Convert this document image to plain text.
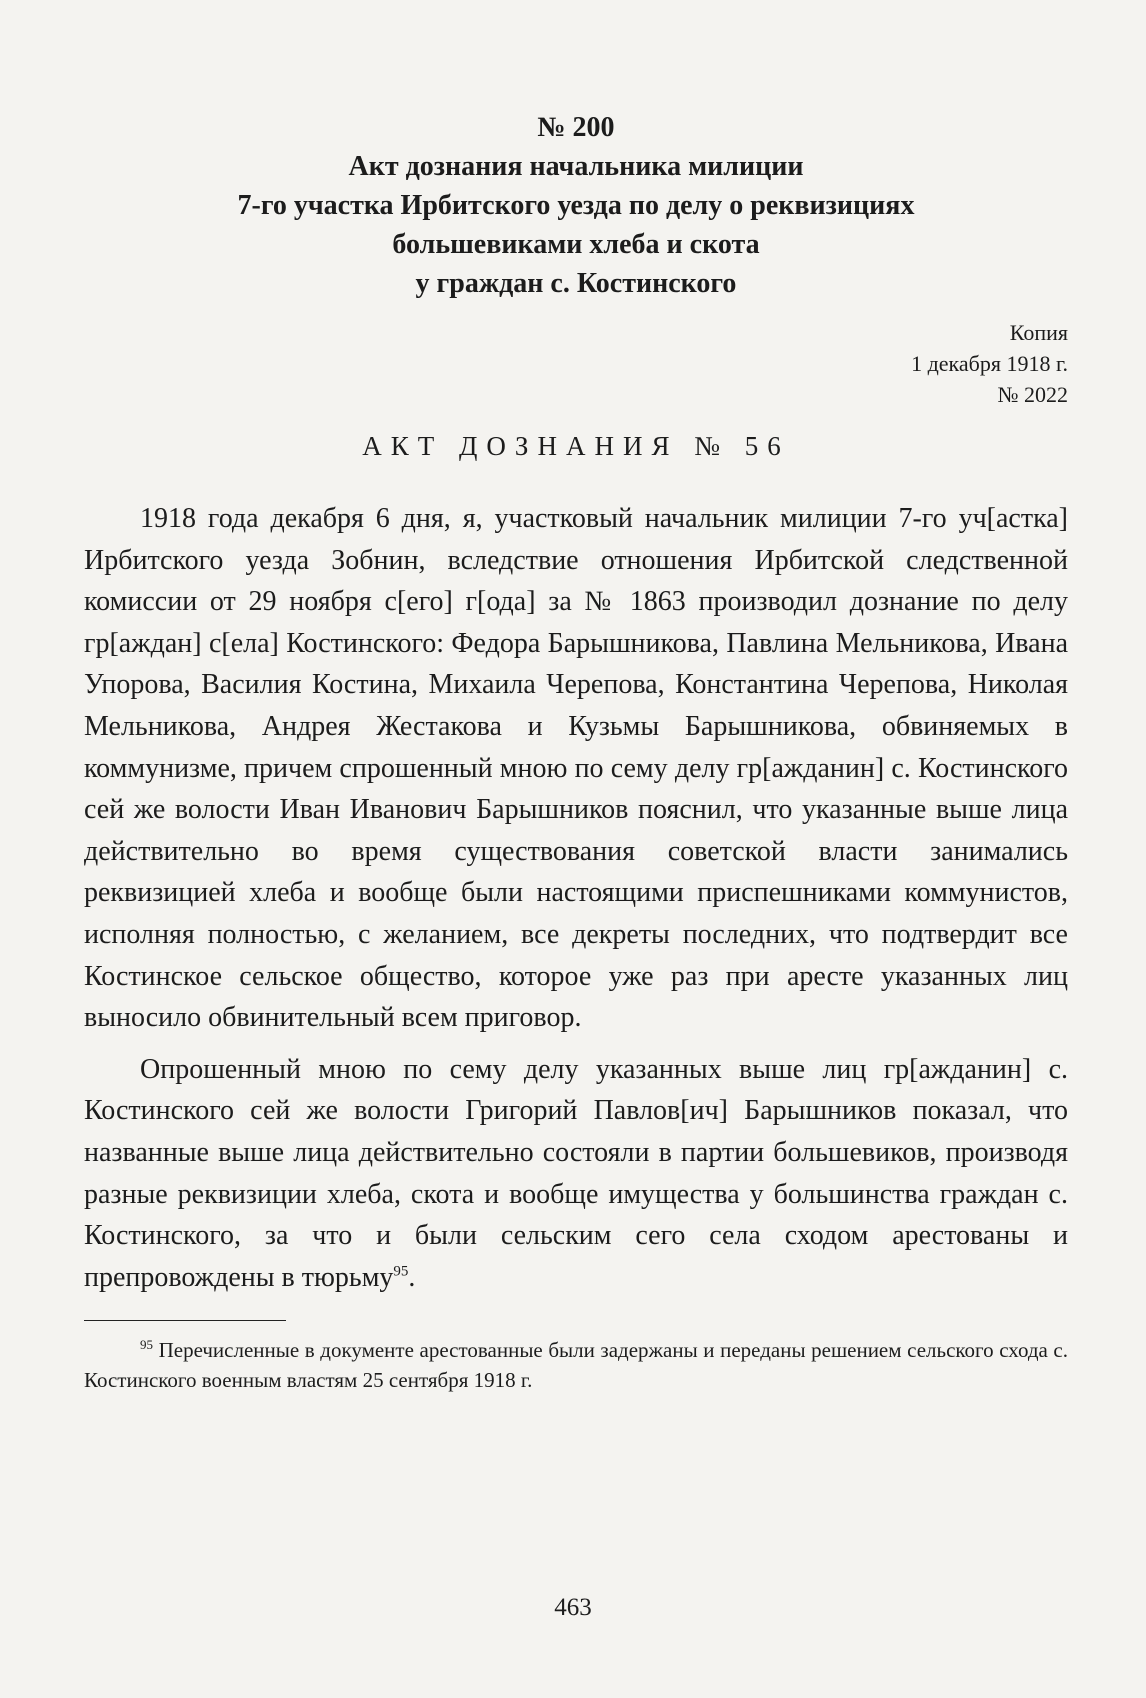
№ 200
Акт дознания начальника милиции
7-го участка Ирбитского уезда по делу о реквизициях
большевиками хлеба и скота
у граждан с. Костинского
Копия
1 декабря 1918 г.
№ 2022
АКТ ДОЗНАНИЯ № 56

1918 года декабря 6 дня, я, участковый начальник милиции 7-го уч[астка] Ирбитского уезда Зобнин, вследствие отношения Ирбитской следственной комиссии от 29 ноября с[его] г[ода] за № 1863 производил дознание по делу гр[аждан] с[ела] Костинского: Федора Барышникова, Павлина Мельникова, Ивана Упорова, Василия Костина, Михаила Черепова, Константина Черепова, Николая Мельникова, Андрея Жестакова и Кузьмы Барышникова, обвиняемых в коммунизме, причем спрошенный мною по сему делу гр[ажданин] с. Костинского сей же волости Иван Иванович Барышников пояснил, что указанные выше лица действительно во время существования советской власти занимались реквизицией хлеба и вообще были настоящими приспешниками коммунистов, исполняя полностью, с желанием, все декреты последних, что подтвердит все Костинское сельское общество, которое уже раз при аресте указанных лиц выносило обвинительный всем приговор.

Опрошенный мною по сему делу указанных выше лиц гр[ажданин] с. Костинского сей же волости Григорий Павлов[ич] Барышников показал, что названные выше лица действительно состояли в партии большевиков, производя разные реквизиции хлеба, скота и вообще имущества у большинства граждан с. Костинского, за что и были сельским сего села сходом арестованы и препровождены в тюрьму$^{95}$.

$^{95}$ Перечисленные в документе арестованные были задержаны и переданы решением сельского схода с. Костинского военным властям 25 сентября 1918 г.
463
